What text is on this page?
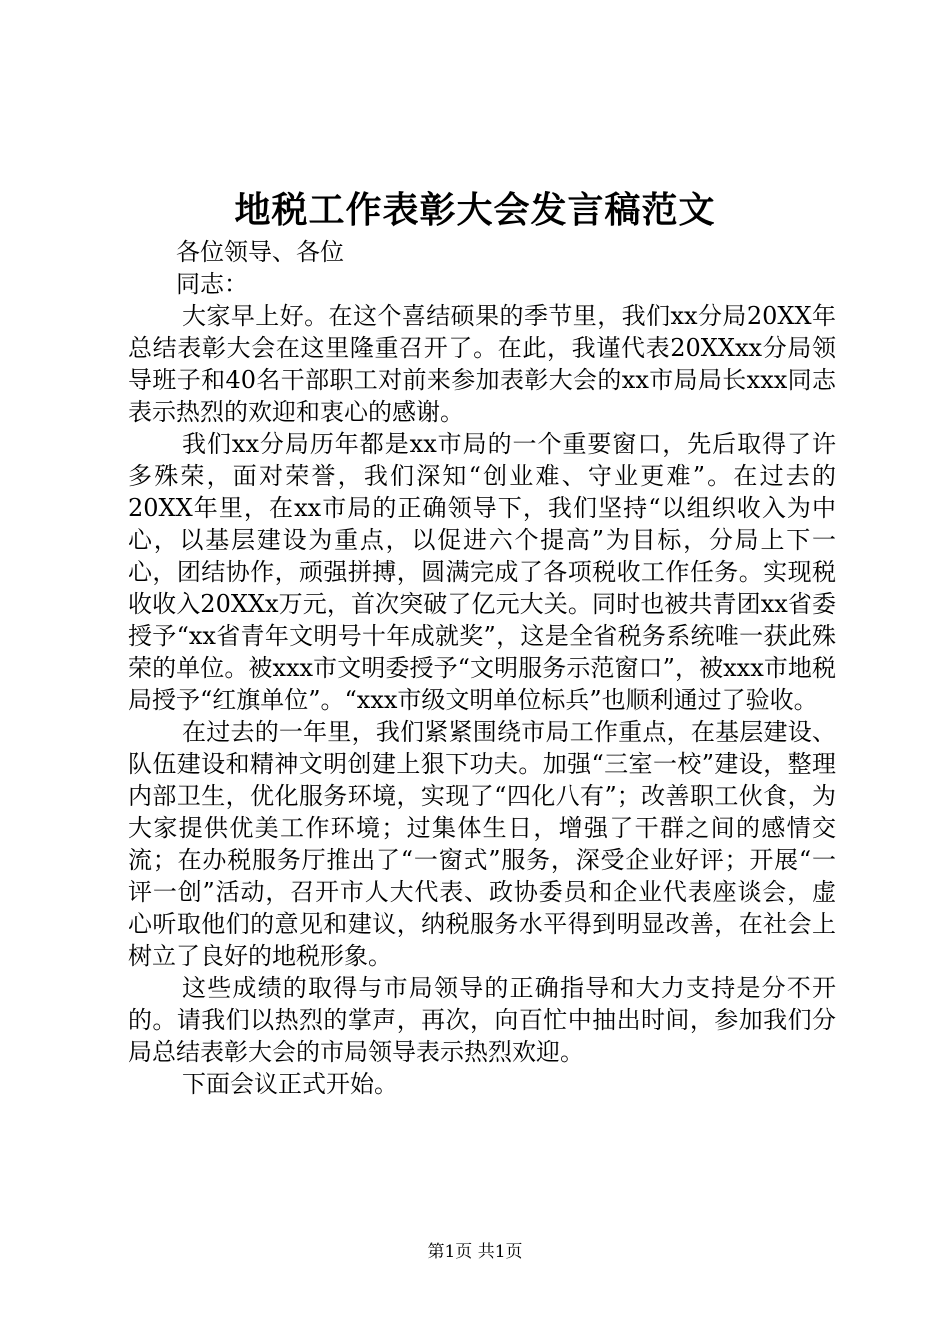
地税工作表彰大会发言稿范文

各位领导、各位

同志：

大家早上好。在这个喜结硕果的季节里，我们xx分局20XX年总结表彰大会在这里隆重召开了。在此，我谨代表20XXxx分局领导班子和40名干部职工对前来参加表彰大会的xx市局局长xxx同志表示热烈的欢迎和衷心的感谢。

我们xx分局历年都是xx市局的一个重要窗口，先后取得了许多殊荣，面对荣誉，我们深知“创业难、守业更难”。在过去的20XX年里，在xx市局的正确领导下，我们坚持“以组织收入为中心，以基层建设为重点，以促进六个提高”为目标，分局上下一心，团结协作，顽强拼搏，圆满完成了各项税收工作任务。实现税收收入20XXx万元，首次突破了亿元大关。同时也被共青团xx省委授予“xx省青年文明号十年成就奖”，这是全省税务系统唯一获此殊荣的单位。被xxx市文明委授予“文明服务示范窗口”，被xxx市地税局授予“红旗单位”。“xxx市级文明单位标兵”也顺利通过了验收。

在过去的一年里，我们紧紧围绕市局工作重点，在基层建设、队伍建设和精神文明创建上狠下功夫。加强“三室一校”建设，整理内部卫生，优化服务环境，实现了“四化八有”；改善职工伙食，为大家提供优美工作环境；过集体生日，增强了干群之间的感情交流；在办税服务厅推出了“一窗式”服务，深受企业好评；开展“一评一创”活动，召开市人大代表、政协委员和企业代表座谈会，虚心听取他们的意见和建议，纳税服务水平得到明显改善，在社会上树立了良好的地税形象。

这些成绩的取得与市局领导的正确指导和大力支持是分不开的。请我们以热烈的掌声，再次，向百忙中抽出时间，参加我们分局总结表彰大会的市局领导表示热烈欢迎。

下面会议正式开始。

第1页 共1页
